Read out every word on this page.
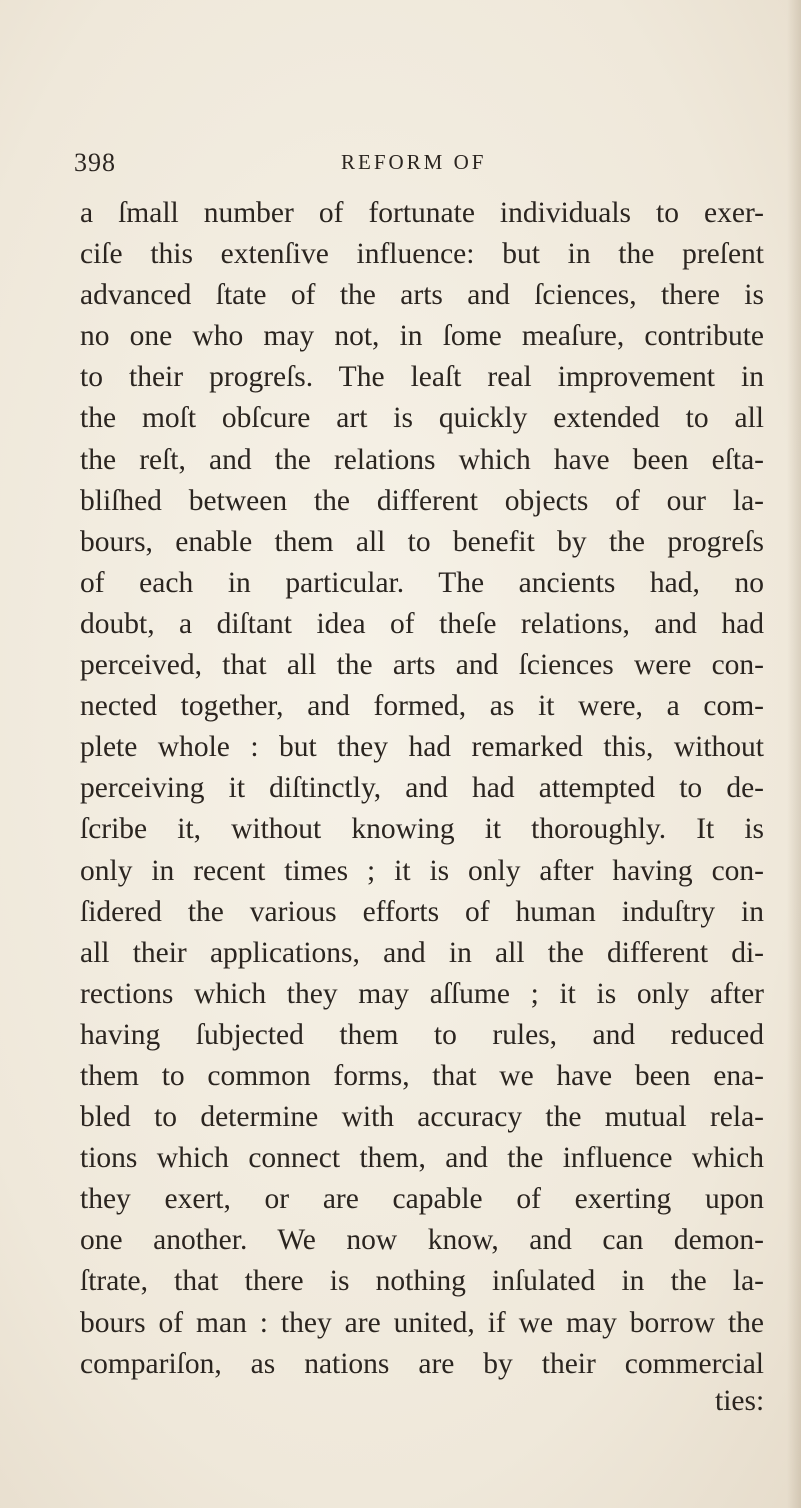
398	REFORM OF
a ſmall number of fortunate individuals to exer-
ciſe this extenſive influence: but in the preſent
advanced ſtate of the arts and ſciences, there is
no one who may not, in ſome meaſure, contribute
to their progreſs. The leaſt real improvement in
the moſt obſcure art is quickly extended to all
the reſt, and the relations which have been eſta-
bliſhed between the different objects of our la-
bours, enable them all to benefit by the progreſs
of each in particular. The ancients had, no
doubt, a diſtant idea of theſe relations, and had
perceived, that all the arts and ſciences were con-
nected together, and formed, as it were, a com-
plete whole : but they had remarked this, without
perceiving it diſtinctly, and had attempted to de-
ſcribe it, without knowing it thoroughly. It is
only in recent times ; it is only after having con-
ſidered the various efforts of human induſtry in
all their applications, and in all the different di-
rections which they may aſſume ; it is only after
having ſubjected them to rules, and reduced
them to common forms, that we have been ena-
bled to determine with accuracy the mutual rela-
tions which connect them, and the influence which
they exert, or are capable of exerting upon
one another. We now know, and can demon-
ſtrate, that there is nothing inſulated in the la-
bours of man : they are united, if we may borrow the
compariſon, as nations are by their commercial
ties:
